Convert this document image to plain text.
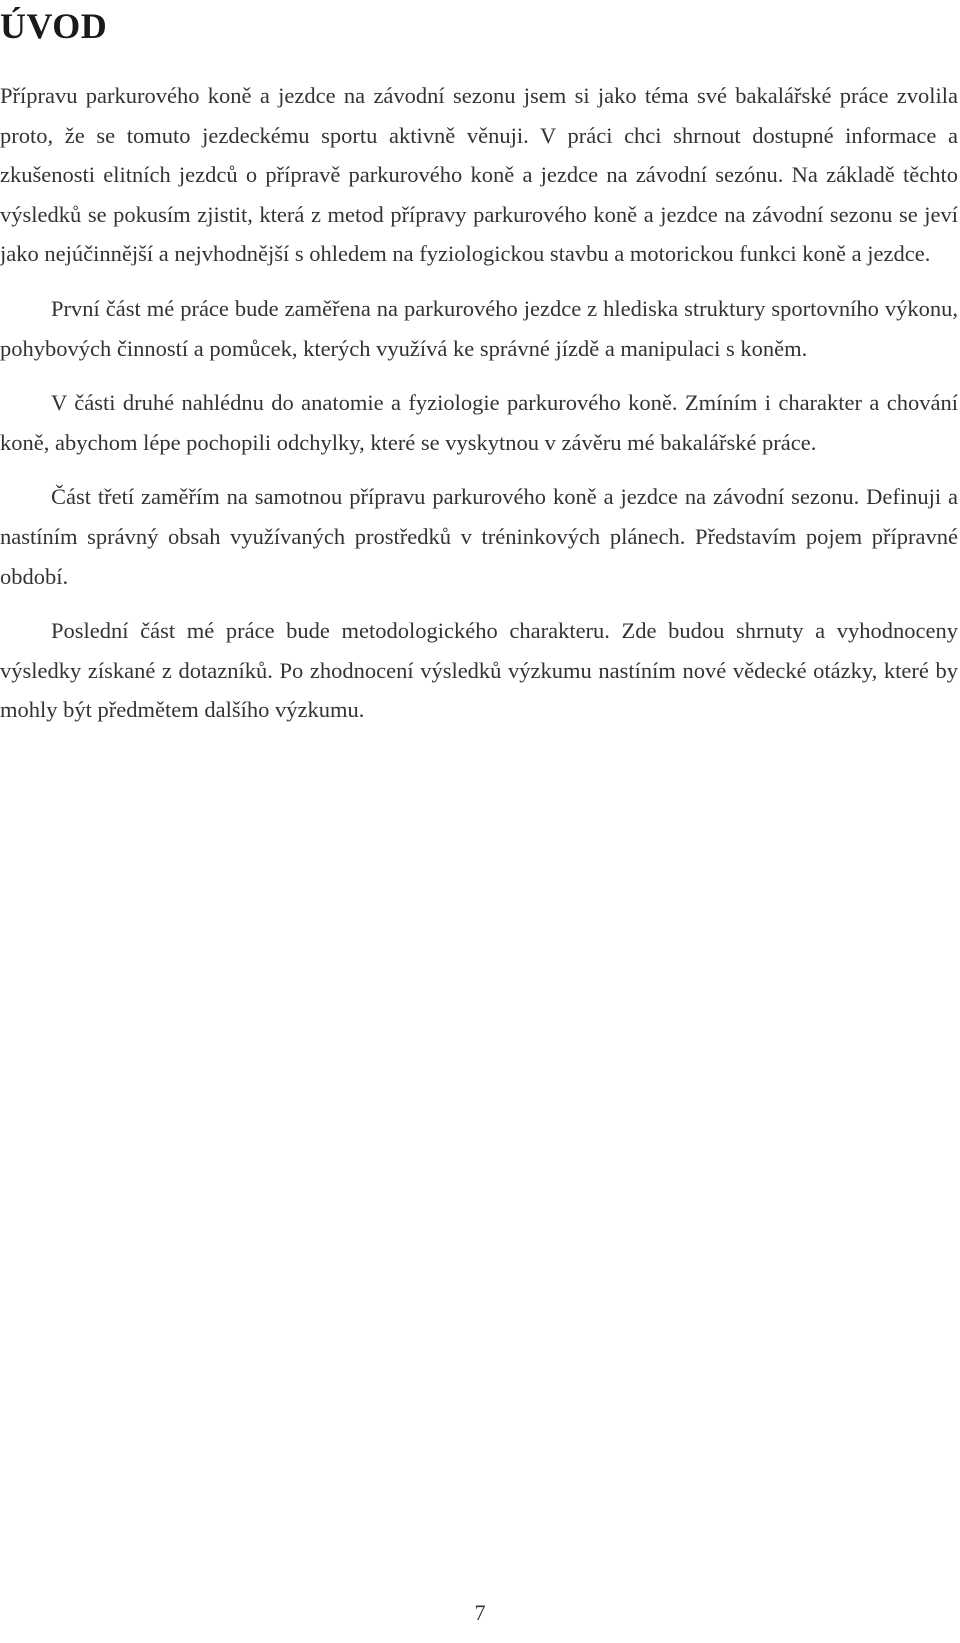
ÚVOD

Přípravu parkurového koně a jezdce na závodní sezonu jsem si jako téma své bakalářské práce zvolila proto, že se tomuto jezdeckému sportu aktivně věnuji. V práci chci shrnout dostupné informace a zkušenosti elitních jezdců o přípravě parkurového koně a jezdce na závodní sezónu. Na základě těchto výsledků se pokusím zjistit, která z metod přípravy parkurového koně a jezdce na závodní sezonu se jeví jako nejúčinnější a nejvhodnější s ohledem na fyziologickou stavbu a motorickou funkci koně a jezdce.

První část mé práce bude zaměřena na parkurového jezdce z hlediska struktury sportovního výkonu, pohybových činností a pomůcek, kterých využívá ke správné jízdě a manipulaci s koněm.

V části druhé nahlédnu do anatomie a fyziologie parkurového koně. Zmíním i charakter a chování koně, abychom lépe pochopili odchylky, které se vyskytnou v závěru mé bakalářské práce.

Část třetí zaměřím na samotnou přípravu parkurového koně a jezdce na závodní sezonu. Definuji a nastíním správný obsah využívaných prostředků v tréninkových plánech. Představím pojem přípravné období.

Poslední část mé práce bude metodologického charakteru. Zde budou shrnuty a vyhodnoceny výsledky získané z dotazníků. Po zhodnocení výsledků výzkumu nastíním nové vědecké otázky, které by mohly být předmětem dalšího výzkumu.

7
